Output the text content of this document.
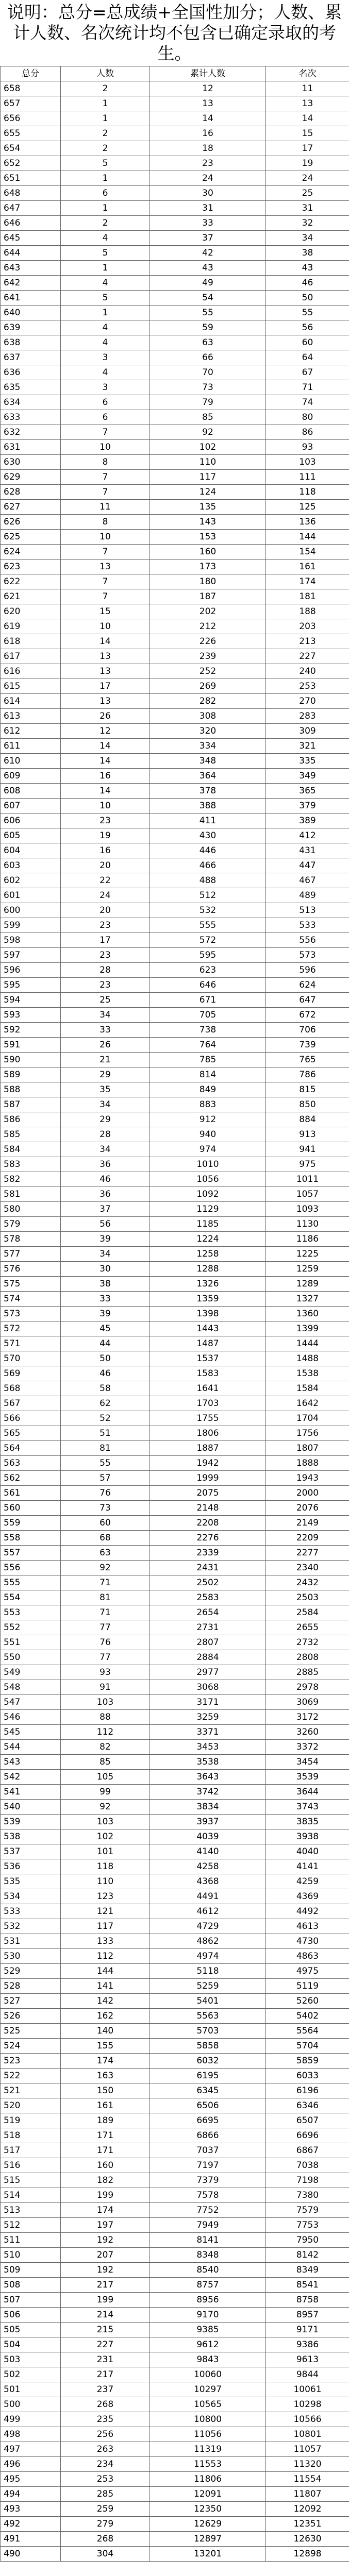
说明：总分=总成绩+全国性加分；人数、累计人数、名次统计均不包含已确定录取的考生。
总分	人数	累计人数	名次
658	2	12	11
657	1	13	13
656	1	14	14
655	2	16	15
654	2	18	17
652	5	23	19
651	1	24	24
648	6	30	25
647	1	31	31
646	2	33	32
645	4	37	34
644	5	42	38
643	1	43	43
642	4	49	46
641	5	54	50
640	1	55	55
639	4	59	56
638	4	63	60
637	3	66	64
636	4	70	67
635	3	73	71
634	6	79	74
633	6	85	80
632	7	92	86
631	10	102	93
630	8	110	103
629	7	117	111
628	7	124	118
627	11	135	125
626	8	143	136
625	10	153	144
624	7	160	154
623	13	173	161
622	7	180	174
621	7	187	181
620	15	202	188
619	10	212	203
618	14	226	213
617	13	239	227
616	13	252	240
615	17	269	253
614	13	282	270
613	26	308	283
612	12	320	309
611	14	334	321
610	14	348	335
609	16	364	349
608	14	378	365
607	10	388	379
606	23	411	389
605	19	430	412
604	16	446	431
603	20	466	447
602	22	488	467
601	24	512	489
600	20	532	513
599	23	555	533
598	17	572	556
597	23	595	573
596	28	623	596
595	23	646	624
594	25	671	647
593	34	705	672
592	33	738	706
591	26	764	739
590	21	785	765
589	29	814	786
588	35	849	815
587	34	883	850
586	29	912	884
585	28	940	913
584	34	974	941
583	36	1010	975
582	46	1056	1011
581	36	1092	1057
580	37	1129	1093
579	56	1185	1130
578	39	1224	1186
577	34	1258	1225
576	30	1288	1259
575	38	1326	1289
574	33	1359	1327
573	39	1398	1360
572	45	1443	1399
571	44	1487	1444
570	50	1537	1488
569	46	1583	1538
568	58	1641	1584
567	62	1703	1642
566	52	1755	1704
565	51	1806	1756
564	81	1887	1807
563	55	1942	1888
562	57	1999	1943
561	76	2075	2000
560	73	2148	2076
559	60	2208	2149
558	68	2276	2209
557	63	2339	2277
556	92	2431	2340
555	71	2502	2432
554	81	2583	2503
553	71	2654	2584
552	77	2731	2655
551	76	2807	2732
550	77	2884	2808
549	93	2977	2885
548	91	3068	2978
547	103	3171	3069
546	88	3259	3172
545	112	3371	3260
544	82	3453	3372
543	85	3538	3454
542	105	3643	3539
541	99	3742	3644
540	92	3834	3743
539	103	3937	3835
538	102	4039	3938
537	101	4140	4040
536	118	4258	4141
535	110	4368	4259
534	123	4491	4369
533	121	4612	4492
532	117	4729	4613
531	133	4862	4730
530	112	4974	4863
529	144	5118	4975
528	141	5259	5119
527	142	5401	5260
526	162	5563	5402
525	140	5703	5564
524	155	5858	5704
523	174	6032	5859
522	163	6195	6033
521	150	6345	6196
520	161	6506	6346
519	189	6695	6507
518	171	6866	6696
517	171	7037	6867
516	160	7197	7038
515	182	7379	7198
514	199	7578	7380
513	174	7752	7579
512	197	7949	7753
511	192	8141	7950
510	207	8348	8142
509	192	8540	8349
508	217	8757	8541
507	199	8956	8758
506	214	9170	8957
505	215	9385	9171
504	227	9612	9386
503	231	9843	9613
502	217	10060	9844
501	237	10297	10061
500	268	10565	10298
499	235	10800	10566
498	256	11056	10801
497	263	11319	11057
496	234	11553	11320
495	253	11806	11554
494	285	12091	11807
493	259	12350	12092
492	279	12629	12351
491	268	12897	12630
490	304	13201	12898
